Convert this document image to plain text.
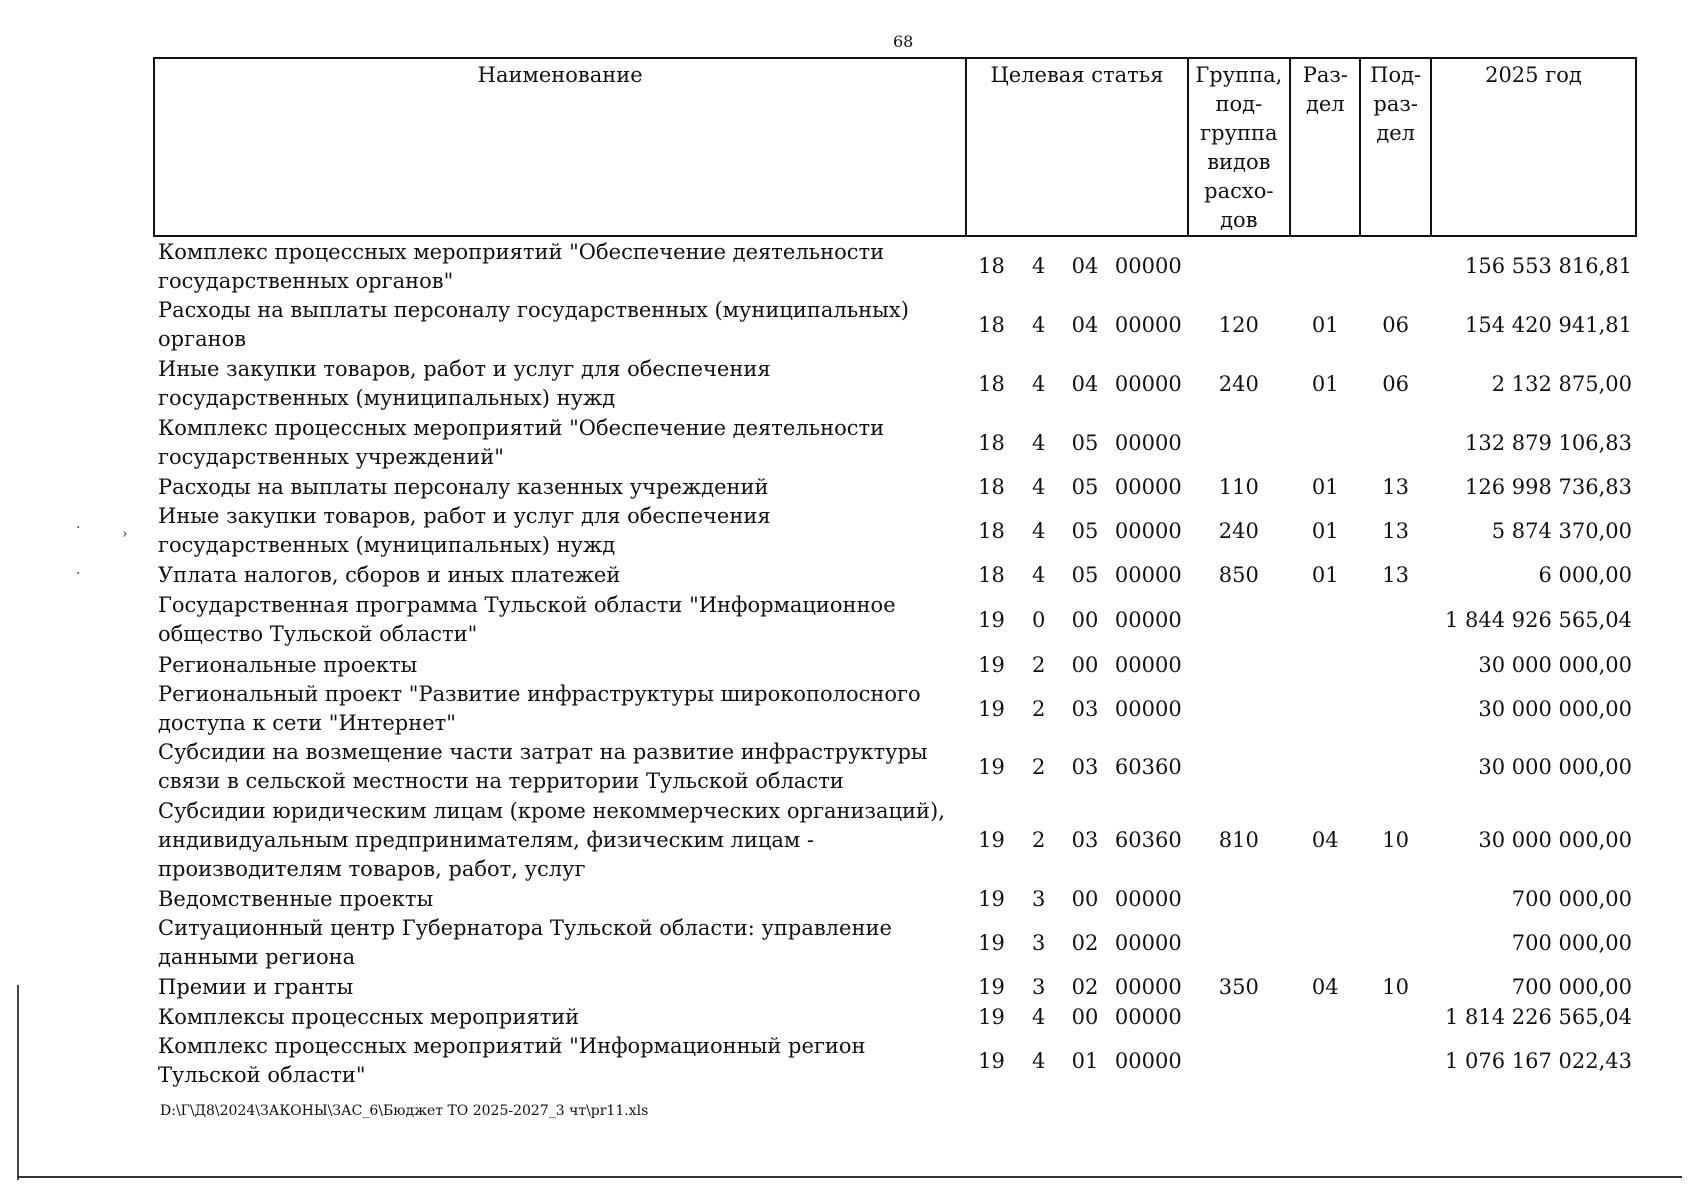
68
Наименование	Целевая статья				Группа, под-группа видов расхо-дов	Раз-дел	Под-раз-дел	2025 год
Комплекс процессных мероприятий "Обеспечение деятельности государственных органов"	18	4	04	00000				156 553 816,81
Расходы на выплаты персоналу государственных (муниципальных) органов	18	4	04	00000	120	01	06	154 420 941,81
Иные закупки товаров, работ и услуг для обеспечения государственных (муниципальных) нужд	18	4	04	00000	240	01	06	2 132 875,00
Комплекс процессных мероприятий "Обеспечение деятельности государственных учреждений"	18	4	05	00000				132 879 106,83
Расходы на выплаты персоналу казенных учреждений	18	4	05	00000	110	01	13	126 998 736,83
Иные закупки товаров, работ и услуг для обеспечения государственных (муниципальных) нужд	18	4	05	00000	240	01	13	5 874 370,00
Уплата налогов, сборов и иных платежей	18	4	05	00000	850	01	13	6 000,00
Государственная программа Тульской области "Информационное общество Тульской области"	19	0	00	00000				1 844 926 565,04
Региональные проекты	19	2	00	00000				30 000 000,00
Региональный проект "Развитие инфраструктуры широкополосного доступа к сети "Интернет"	19	2	03	00000				30 000 000,00
Субсидии на возмещение части затрат на развитие инфраструктуры связи в сельской местности на территории Тульской области	19	2	03	60360				30 000 000,00
Субсидии юридическим лицам (кроме некоммерческих организаций), индивидуальным предпринимателям, физическим лицам - производителям товаров, работ, услуг	19	2	03	60360	810	04	10	30 000 000,00
Ведомственные проекты	19	3	00	00000				700 000,00
Ситуационный центр Губернатора Тульской области: управление данными региона	19	3	02	00000				700 000,00
Премии и гранты	19	3	02	00000	350	04	10	700 000,00
Комплексы процессных мероприятий	19	4	00	00000				1 814 226 565,04
Комплекс процессных мероприятий "Информационный регион Тульской области"	19	4	01	00000				1 076 167 022,43
D:\Г\Д8\2024\ЗАКОНЫ\ЗАС_6\Бюджет ТО 2025-2027_3 чт\pr11.xls
›
·
·
